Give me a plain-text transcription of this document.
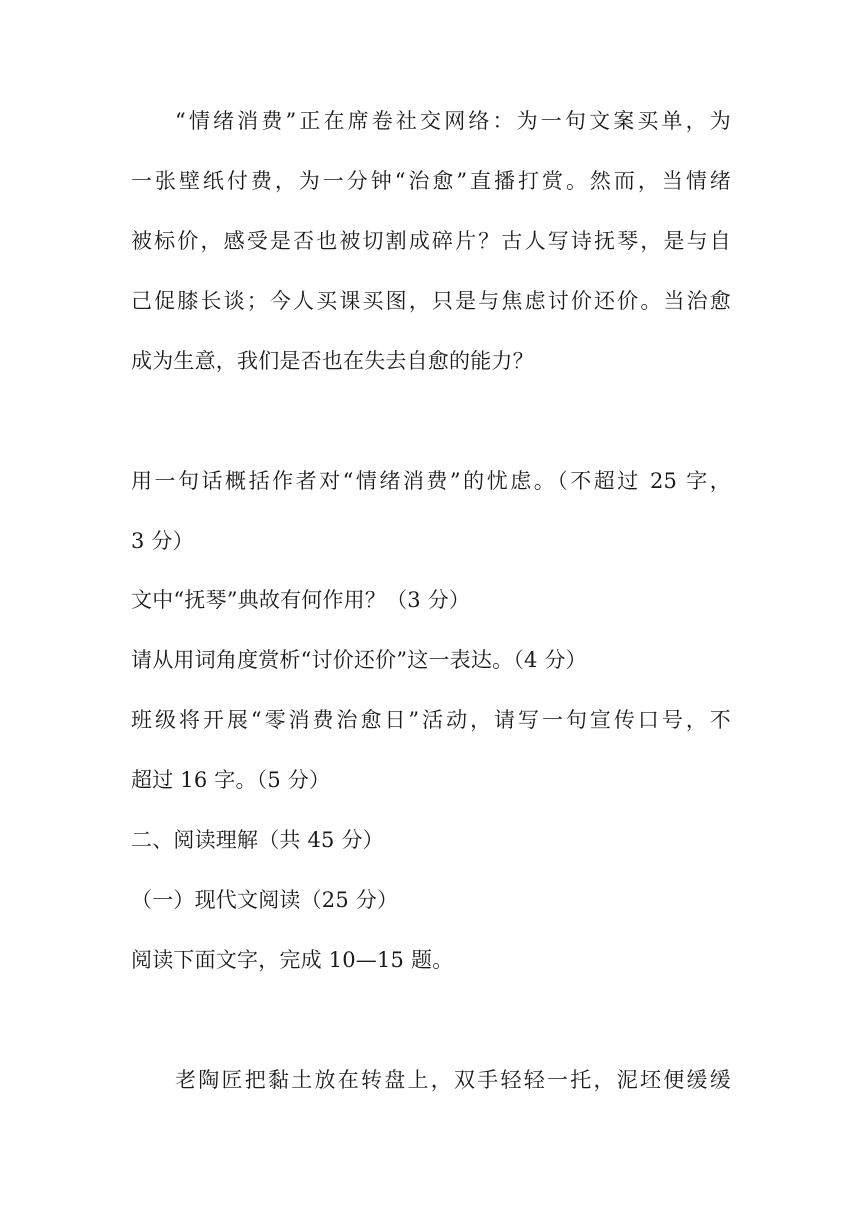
“情绪消费”正在席卷社交网络：为一句文案买单，为
一张壁纸付费，为一分钟“治愈”直播打赏。然而，当情绪
被标价，感受是否也被切割成碎片？古人写诗抚琴，是与自
己促膝长谈；今人买课买图，只是与焦虑讨价还价。当治愈
成为生意，我们是否也在失去自愈的能力？
用一句话概括作者对“情绪消费”的忧虑。（不超过 25 字，
3 分）
文中“抚琴”典故有何作用？（3 分）
请从用词角度赏析“讨价还价”这一表达。（4 分）
班级将开展“零消费治愈日”活动，请写一句宣传口号，不
超过 16 字。（5 分）
二、阅读理解（共 45 分）
（一）现代文阅读（25 分）
阅读下面文字，完成 10—15 题。
老陶匠把黏土放在转盘上，双手轻轻一托，泥坯便缓缓
